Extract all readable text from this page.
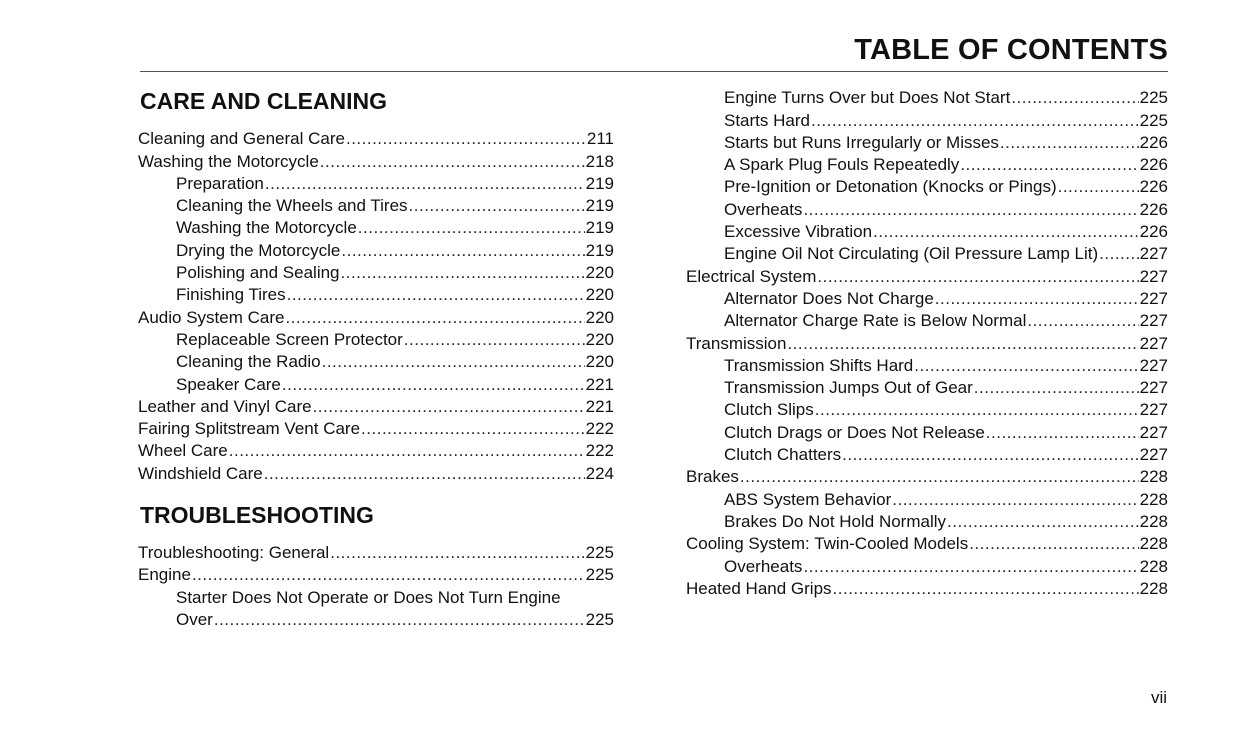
TABLE OF CONTENTS
CARE AND CLEANING
Cleaning and General Care .....	211
Washing the Motorcycle .....	218
Preparation .....	219
Cleaning the Wheels and Tires .....	219
Washing the Motorcycle .....	219
Drying the Motorcycle .....	219
Polishing and Sealing .....	220
Finishing Tires .....	220
Audio System Care .....	220
Replaceable Screen Protector .....	220
Cleaning the Radio .....	220
Speaker Care .....	221
Leather and Vinyl Care .....	221
Fairing Splitstream Vent Care .....	222
Wheel Care .....	222
Windshield Care .....	224
TROUBLESHOOTING
Troubleshooting: General .....	225
Engine .....	225
Starter Does Not Operate or Does Not Turn Engine
Over .....	225
Engine Turns Over but Does Not Start .....	225
Starts Hard .....	225
Starts but Runs Irregularly or Misses .....	226
A Spark Plug Fouls Repeatedly .....	226
Pre-Ignition or Detonation (Knocks or Pings) .....	226
Overheats .....	226
Excessive Vibration .....	226
Engine Oil Not Circulating (Oil Pressure Lamp Lit) ..... 227
Electrical System .....	227
Alternator Does Not Charge .....	227
Alternator Charge Rate is Below Normal .....	227
Transmission .....	227
Transmission Shifts Hard .....	227
Transmission Jumps Out of Gear .....	227
Clutch Slips .....	227
Clutch Drags or Does Not Release .....	227
Clutch Chatters .....	227
Brakes .....	228
ABS System Behavior .....	228
Brakes Do Not Hold Normally .....	228
Cooling System: Twin-Cooled Models .....	228
Overheats .....	228
Heated Hand Grips .....	228
vii
